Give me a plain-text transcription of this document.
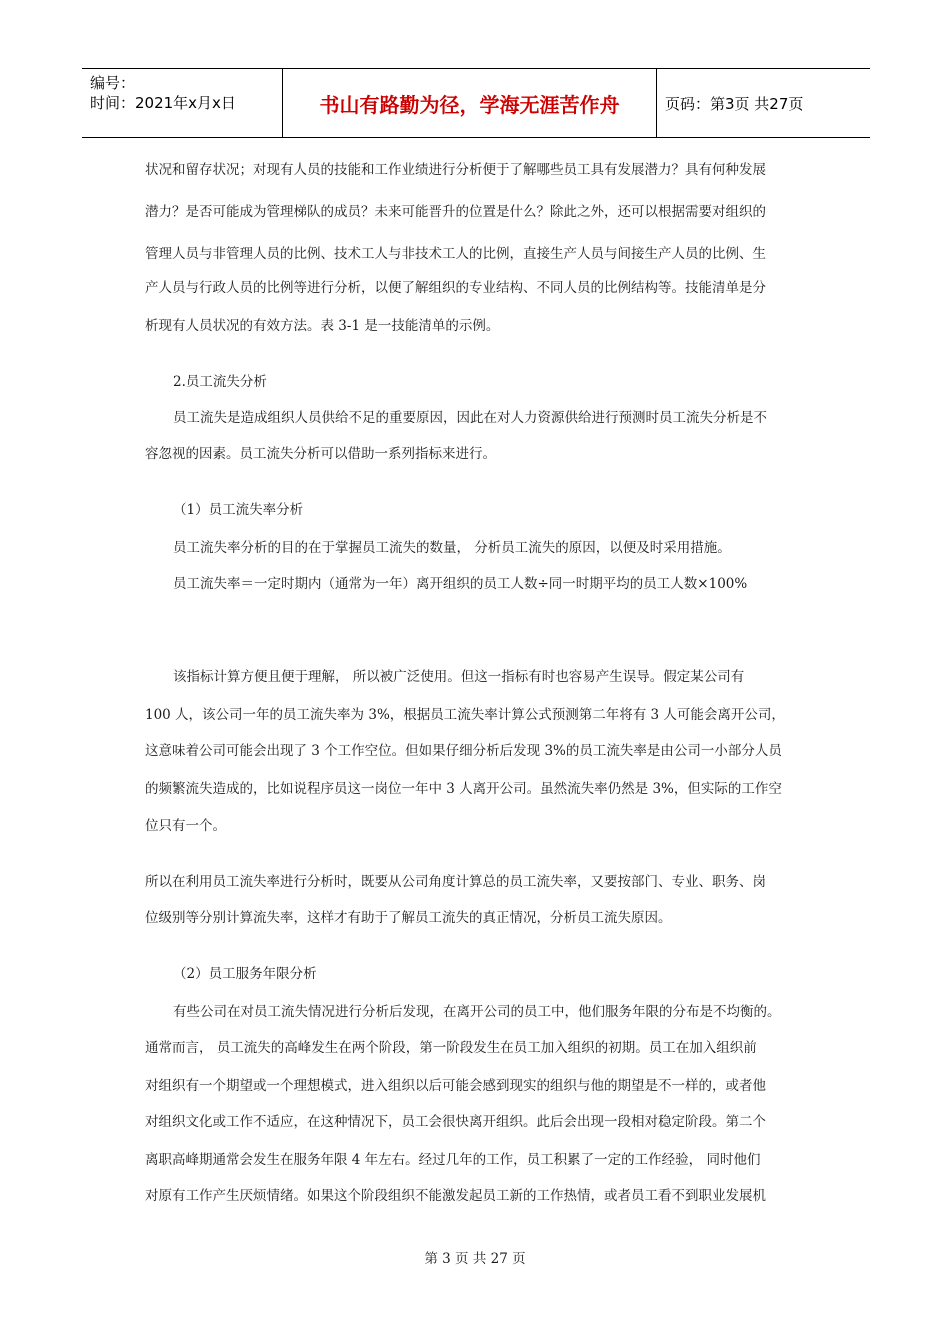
编号：
时间：2021年x月x日	书山有路勤为径，学海无涯苦作舟	页码：第3页 共27页
状况和留存状况；对现有人员的技能和工作业绩进行分析便于了解哪些员工具有发展潜力？具有何种发展
潜力？是否可能成为管理梯队的成员？未来可能晋升的位置是什么？除此之外，还可以根据需要对组织的
管理人员与非管理人员的比例、技术工人与非技术工人的比例，直接生产人员与间接生产人员的比例、生
产人员与行政人员的比例等进行分析，以便了解组织的专业结构、不同人员的比例结构等。技能清单是分
析现有人员状况的有效方法。表 3-1 是一技能清单的示例。
2.员工流失分析
员工流失是造成组织人员供给不足的重要原因，因此在对人力资源供给进行预测时员工流失分析是不
容忽视的因素。员工流失分析可以借助一系列指标来进行。
（1）员工流失率分析
员工流失率分析的目的在于掌握员工流失的数量， 分析员工流失的原因，以便及时采用措施。
员工流失率＝一定时期内（通常为一年）离开组织的员工人数÷同一时期平均的员工人数×100%
该指标计算方便且便于理解， 所以被广泛使用。但这一指标有时也容易产生误导。假定某公司有
100 人，该公司一年的员工流失率为 3%，根据员工流失率计算公式预测第二年将有 3 人可能会离开公司，
这意味着公司可能会出现了 3 个工作空位。但如果仔细分析后发现 3%的员工流失率是由公司一小部分人员
的频繁流失造成的，比如说程序员这一岗位一年中 3 人离开公司。虽然流失率仍然是 3%，但实际的工作空
位只有一个。
所以在利用员工流失率进行分析时，既要从公司角度计算总的员工流失率，又要按部门、专业、职务、岗
位级别等分别计算流失率，这样才有助于了解员工流失的真正情况，分析员工流失原因。
（2）员工服务年限分析
有些公司在对员工流失情况进行分析后发现，在离开公司的员工中，他们服务年限的分布是不均衡的。
通常而言， 员工流失的高峰发生在两个阶段，第一阶段发生在员工加入组织的初期。员工在加入组织前
对组织有一个期望或一个理想模式，进入组织以后可能会感到现实的组织与他的期望是不一样的，或者他
对组织文化或工作不适应，在这种情况下，员工会很快离开组织。此后会出现一段相对稳定阶段。第二个
离职高峰期通常会发生在服务年限 4 年左右。经过几年的工作，员工积累了一定的工作经验， 同时他们
对原有工作产生厌烦情绪。如果这个阶段组织不能激发起员工新的工作热情，或者员工看不到职业发展机
第 3 页 共 27 页
